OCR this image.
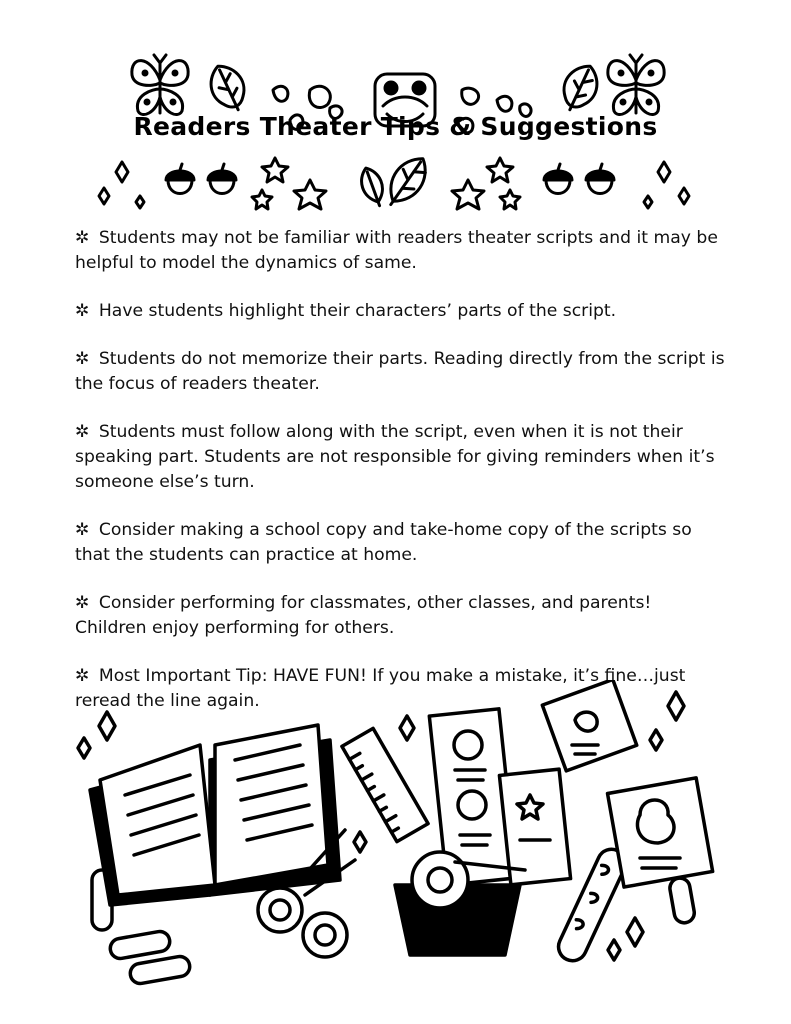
Readers Theater Tips & Suggestions
✲ Students may not be familiar with readers theater scripts and it may be helpful to model the dynamics of same.
✲ Have students highlight their characters’ parts of the script.
✲ Students do not memorize their parts. Reading directly from the script is the focus of readers theater.
✲ Students must follow along with the script, even when it is not their speaking part. Students are not responsible for giving reminders when it’s someone else’s turn.
✲ Consider making a school copy and take-home copy of the scripts so that the students can practice at home.
✲ Consider performing for classmates, other classes, and parents! Children enjoy performing for others.
✲ Most Important Tip: HAVE FUN! If you make a mistake, it’s fine…just reread the line again.
